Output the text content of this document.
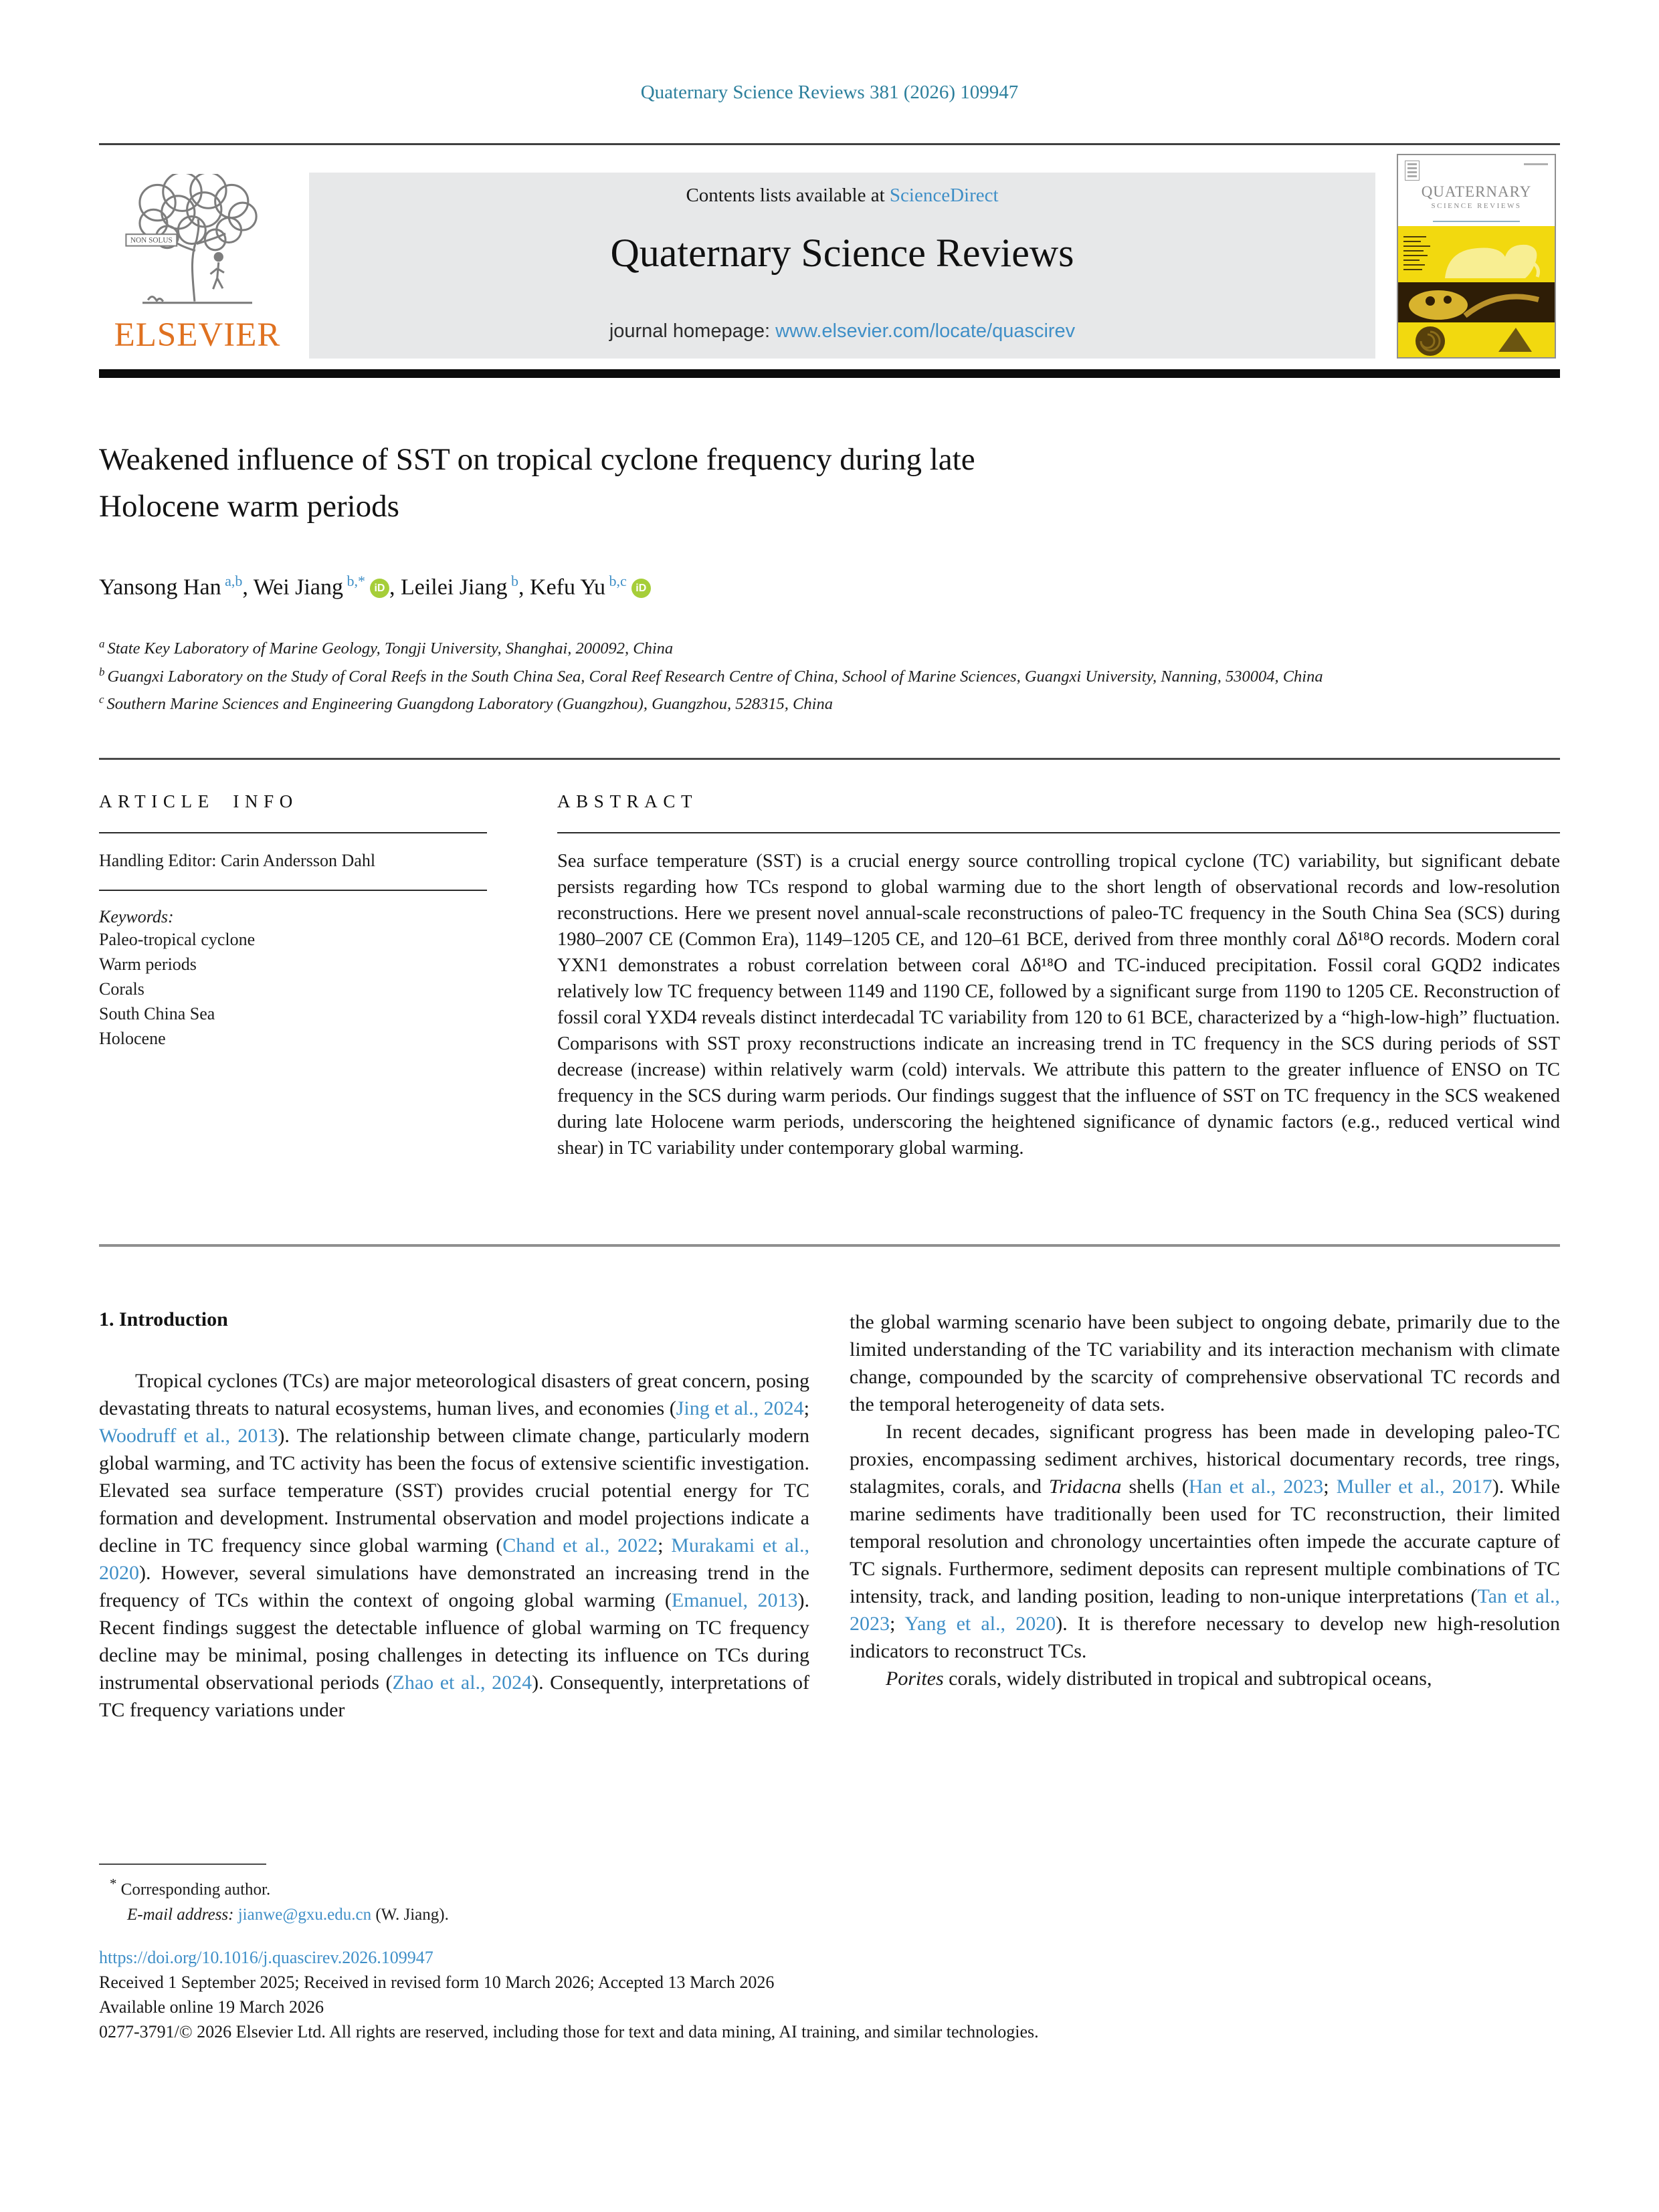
Quaternary Science Reviews 381 (2026) 109947
NON SOLUS
ELSEVIER
Contents lists available at ScienceDirect
Quaternary Science Reviews
journal homepage: www.elsevier.com/locate/quascirev
QUATERNARY
SCIENCE REVIEWS
Weakened influence of SST on tropical cyclone frequency during late
Holocene warm periods
Yansong Han $^{a,b}$, Wei Jiang $^{b,*}$ iD , Leilei Jiang $^b$, Kefu Yu $^{b,c}$ iD
$^a$ State Key Laboratory of Marine Geology, Tongji University, Shanghai, 200092, China
$^b$ Guangxi Laboratory on the Study of Coral Reefs in the South China Sea, Coral Reef Research Centre of China, School of Marine Sciences, Guangxi University, Nanning, 530004, China
$^c$ Southern Marine Sciences and Engineering Guangdong Laboratory (Guangzhou), Guangzhou, 528315, China
ARTICLE INFO
Handling Editor: Carin Andersson Dahl
Keywords:
Paleo-tropical cyclone
Warm periods
Corals
South China Sea
Holocene
ABSTRACT

Sea surface temperature (SST) is a crucial energy source controlling tropical cyclone (TC) variability, but significant debate persists regarding how TCs respond to global warming due to the short length of observational records and low-resolution reconstructions. Here we present novel annual-scale reconstructions of paleo-TC frequency in the South China Sea (SCS) during 1980–2007 CE (Common Era), 1149–1205 CE, and 120–61 BCE, derived from three monthly coral Δδ¹⁸O records. Modern coral YXN1 demonstrates a robust correlation between coral Δδ¹⁸O and TC-induced precipitation. Fossil coral GQD2 indicates relatively low TC frequency between 1149 and 1190 CE, followed by a significant surge from 1190 to 1205 CE. Reconstruction of fossil coral YXD4 reveals distinct interdecadal TC variability from 120 to 61 BCE, characterized by a “high-low-high” fluctuation. Comparisons with SST proxy reconstructions indicate an increasing trend in TC frequency in the SCS during periods of SST decrease (increase) within relatively warm (cold) intervals. We attribute this pattern to the greater influence of ENSO on TC frequency in the SCS during warm periods. Our findings suggest that the influence of SST on TC frequency in the SCS weakened during late Holocene warm periods, underscoring the heightened significance of dynamic factors (e.g., reduced vertical wind shear) in TC variability under contemporary global warming.

1. Introduction

Tropical cyclones (TCs) are major meteorological disasters of great concern, posing devastating threats to natural ecosystems, human lives, and economies (Jing et al., 2024; Woodruff et al., 2013). The relationship between climate change, particularly modern global warming, and TC activity has been the focus of extensive scientific investigation. Elevated sea surface temperature (SST) provides crucial potential energy for TC formation and development. Instrumental observation and model projections indicate a decline in TC frequency since global warming (Chand et al., 2022; Murakami et al., 2020). However, several simulations have demonstrated an increasing trend in the frequency of TCs within the context of ongoing global warming (Emanuel, 2013). Recent findings suggest the detectable influence of global warming on TC frequency decline may be minimal, posing challenges in detecting its influence on TCs during instrumental observational periods (Zhao et al., 2024). Consequently, interpretations of TC frequency variations under

the global warming scenario have been subject to ongoing debate, primarily due to the limited understanding of the TC variability and its interaction mechanism with climate change, compounded by the scarcity of comprehensive observational TC records and the temporal heterogeneity of data sets.

In recent decades, significant progress has been made in developing paleo-TC proxies, encompassing sediment archives, historical documentary records, tree rings, stalagmites, corals, and Tridacna shells (Han et al., 2023; Muller et al., 2017). While marine sediments have traditionally been used for TC reconstruction, their limited temporal resolution and chronology uncertainties often impede the accurate capture of TC signals. Furthermore, sediment deposits can represent multiple combinations of TC intensity, track, and landing position, leading to non-unique interpretations (Tan et al., 2023; Yang et al., 2020). It is therefore necessary to develop new high-resolution indicators to reconstruct TCs.

Porites corals, widely distributed in tropical and subtropical oceans,

* Corresponding author.
E-mail address: jianwe@gxu.edu.cn (W. Jiang).
https://doi.org/10.1016/j.quascirev.2026.109947
Received 1 September 2025; Received in revised form 10 March 2026; Accepted 13 March 2026
Available online 19 March 2026
0277-3791/© 2026 Elsevier Ltd. All rights are reserved, including those for text and data mining, AI training, and similar technologies.
